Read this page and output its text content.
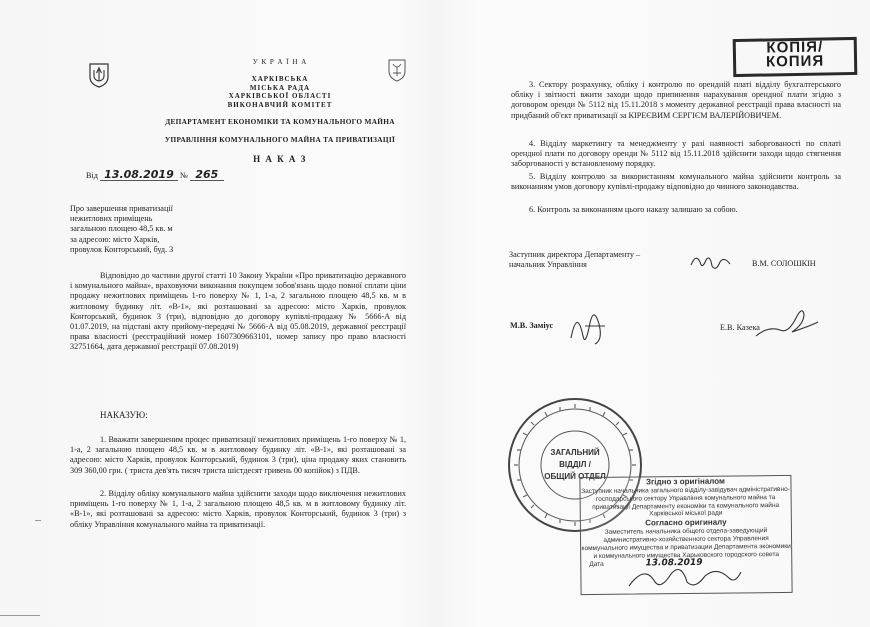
У К Р А Ї Н А
ХАРКІВСЬКА
МІСЬКА РАДА
ХАРКІВСЬКОЇ ОБЛАСТІ
ВИКОНАВЧИЙ КОМІТЕТ
ДЕПАРТАМЕНТ ЕКОНОМІКИ ТА КОМУНАЛЬНОГО МАЙНА
УПРАВЛІННЯ КОМУНАЛЬНОГО МАЙНА ТА ПРИВАТИЗАЦІЇ
Н А К А З
Від 13.08.2019 № 265
Про завершення приватизації
нежитлових приміщень
загальною площею 48,5 кв. м
за адресою: місто Харків,
провулок Конторський, буд. 3
Відповідно до частини другої статті 10 Закону України «Про приватизацію державного і комунального майна», враховуючи виконання покупцем зобов'язань щодо повної сплати ціни продажу нежитлових приміщень 1-го поверху № 1, 1-а, 2 загальною площею 48,5 кв. м в житловому будинку літ. «В-1», які розташовані за адресою: місто Харків, провулок Конторський, будинок 3 (три), відповідно до договору купівлі-продажу № 5666-А від 01.07.2019, на підставі акту прийому-передачі № 5666-А від 05.08.2019, державної реєстрації права власності (реєстраційний номер 1607309663101, номер запису про право власності 32751664, дата державної реєстрації 07.08.2019)
НАКАЗУЮ:
1. Вважати завершеним процес приватизації нежитлових приміщень 1-го поверху № 1, 1-а, 2 загальною площею 48,5 кв. м в житловому будинку літ. «В-1», які розташовані за адресою: місто Харків, провулок Конторський, будинок 3 (три), ціна продажу яких становить 309 360,00 грн. ( триста дев'ять тисяч триста шістдесят гривень 00 копійок) з ПДВ.
2. Відділу обліку комунального майна здійснити заходи щодо виключення нежитлових приміщень 1-го поверху № 1, 1-а, 2 загальною площею 48,5 кв. м в житловому будинку літ. «В-1», які розташовані за адресою: місто Харків, провулок Конторський, будинок 3 (три) з обліку Управління комунального майна та приватизації.
3. Сектору розрахунку, обліку і контролю по орендній платі відділу бухгалтерського обліку і звітності вжити заходи щодо припинення нарахування орендної плати згідно з договором оренди № 5112 від 15.11.2018 з моменту державної реєстрації права власності на придбаний об'єкт приватизації за КІРЕЄВИМ СЕРГІЄМ ВАЛЕРІЙОВИЧЕМ.
4. Відділу маркетингу та менеджменту у разі наявності заборгованості по сплаті орендної плати по договору оренди № 5112 від 15.11.2018 здійснити заходи щодо стягнення заборгованості у встановленому порядку.
5. Відділу контролю за використанням комунального майна здійснити контроль за виконанням умов договору купівлі-продажу відповідно до чинного законодавства.
6. Контроль за виконанням цього наказу залишаю за собою.
Заступник директора Департаменту –
начальник Управління	В.М. СОЛОШКІН
М.В. Заміус	Е.В. Казека
КОПІЯ/
КОПИЯ
ЗАГАЛЬНИЙ
ВІДДІЛ /
ОБЩИЙ ОТДЕЛ
Згідно з оригіналом
Заступник начальника загального відділу-завідувач адміністративно-господарського сектору Управління комунального майна та приватизації Департаменту економіки та комунального майна Харківської міської ради
Согласно оригиналу
Заместитель начальника общего отдела-заведующий административно-хозяйственного сектора Управления коммунального имущества и приватизации Департамента экономики и коммунального имущества Харьковского городского совета
Дата	13.08.2019
